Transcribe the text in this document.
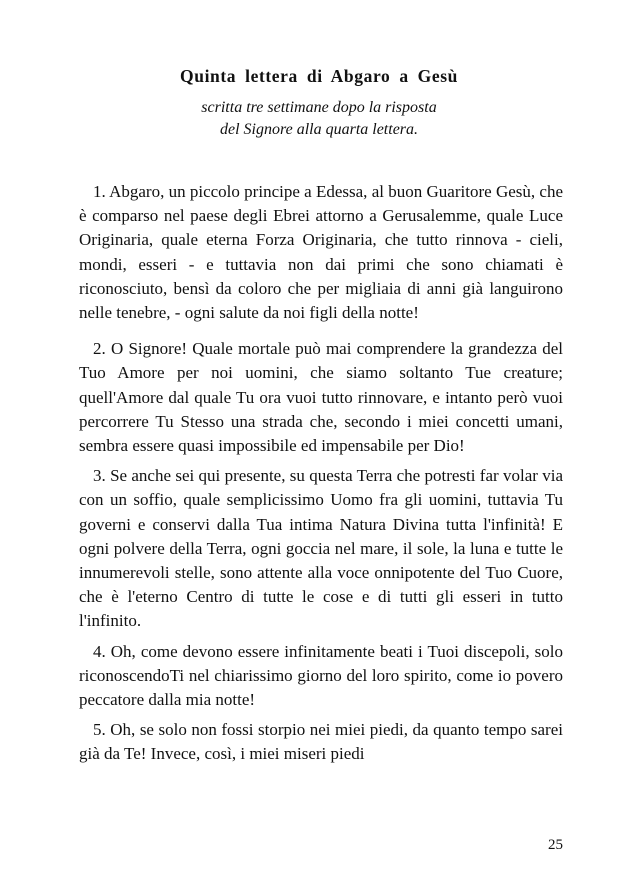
Quinta lettera di Abgaro a Gesù
scritta tre settimane dopo la risposta
del Signore alla quarta lettera.

1. Abgaro, un piccolo principe a Edessa, al buon Guaritore Gesù, che è comparso nel paese degli Ebrei attorno a Gerusalemme, quale Luce Originaria, quale eterna Forza Originaria, che tutto rinnova - cieli, mondi, esseri - e tuttavia non dai primi che sono chiamati è riconosciuto, bensì da coloro che per migliaia di anni già languirono nelle tenebre, - ogni salute da noi figli della notte!

2. O Signore! Quale mortale può mai comprendere la grandezza del Tuo Amore per noi uomini, che siamo soltanto Tue creature; quell'Amore dal quale Tu ora vuoi tutto rinnovare, e intanto però vuoi percorrere Tu Stesso una strada che, secondo i miei concetti umani, sembra essere quasi impossibile ed impensabile per Dio!

3. Se anche sei qui presente, su questa Terra che potresti far volar via con un soffio, quale semplicissimo Uomo fra gli uomini, tuttavia Tu governi e conservi dalla Tua intima Natura Divina tutta l'infinità! E ogni polvere della Terra, ogni goccia nel mare, il sole, la luna e tutte le innumerevoli stelle, sono attente alla voce onnipotente del Tuo Cuore, che è l'eterno Centro di tutte le cose e di tutti gli esseri in tutto l'infinito.

4. Oh, come devono essere infinitamente beati i Tuoi discepoli, solo riconoscendoTi nel chiarissimo giorno del loro spirito, come io povero peccatore dalla mia notte!

5. Oh, se solo non fossi storpio nei miei piedi, da quanto tempo sarei già da Te! Invece, così, i miei miseri piedi

25
